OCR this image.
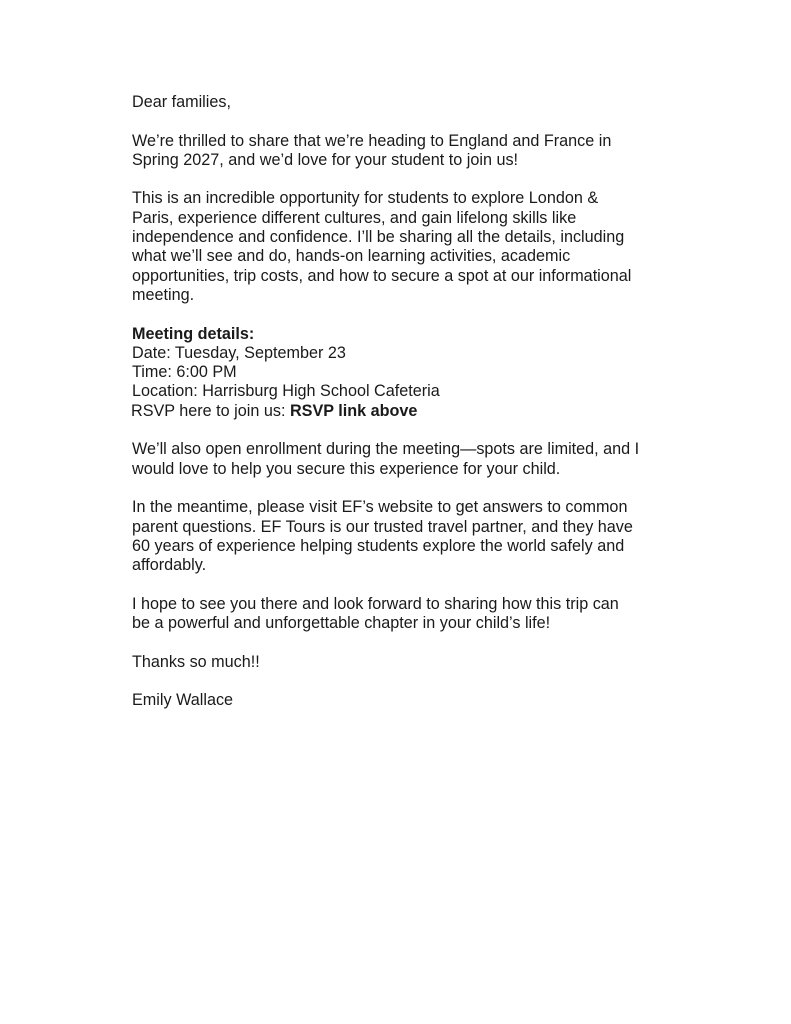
Dear families,

We’re thrilled to share that we’re heading to England and France in
Spring 2027, and we’d love for your student to join us!

This is an incredible opportunity for students to explore London &
Paris, experience different cultures, and gain lifelong skills like
independence and confidence. I’ll be sharing all the details, including
what we’ll see and do, hands-on learning activities, academic
opportunities, trip costs, and how to secure a spot at our informational
meeting.

Meeting details:
Date: Tuesday, September 23
Time: 6:00 PM
Location: Harrisburg High School Cafeteria
RSVP here to join us: RSVP link above

We’ll also open enrollment during the meeting—spots are limited, and I
would love to help you secure this experience for your child.

In the meantime, please visit EF’s website to get answers to common
parent questions. EF Tours is our trusted travel partner, and they have
60 years of experience helping students explore the world safely and
affordably.

I hope to see you there and look forward to sharing how this trip can
be a powerful and unforgettable chapter in your child’s life!

Thanks so much!!

Emily Wallace
